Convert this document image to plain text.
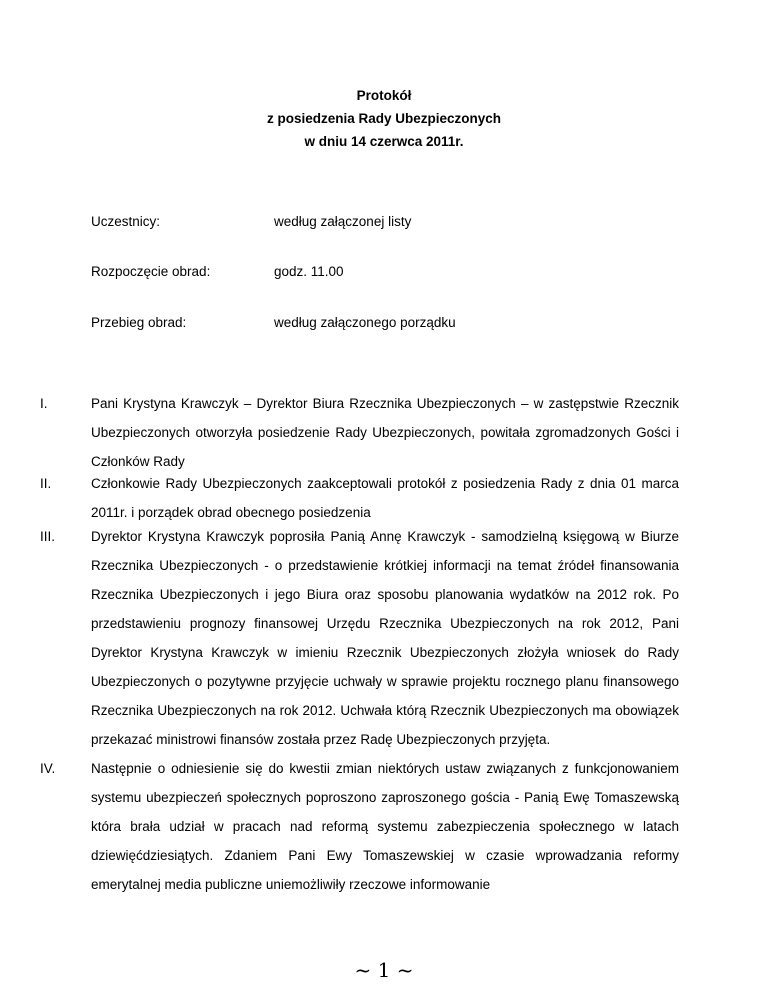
Protokół
z posiedzenia Rady Ubezpieczonych
w dniu 14 czerwca 2011r.
Uczestnicy:	według załączonej listy
Rozpoczęcie obrad:	godz. 11.00
Przebieg obrad:	według załączonego porządku
I.	Pani Krystyna Krawczyk – Dyrektor Biura Rzecznika Ubezpieczonych – w zastępstwie Rzecznik Ubezpieczonych otworzyła posiedzenie Rady Ubezpieczonych, powitała zgromadzonych Gości i Członków Rady

II.	Członkowie Rady Ubezpieczonych zaakceptowali protokół z posiedzenia Rady z dnia 01 marca 2011r. i porządek obrad obecnego posiedzenia

III.	Dyrektor Krystyna Krawczyk poprosiła Panią Annę Krawczyk - samodzielną księgową w Biurze Rzecznika Ubezpieczonych - o przedstawienie krótkiej informacji na temat źródeł finansowania Rzecznika Ubezpieczonych i jego Biura oraz sposobu planowania wydatków na 2012 rok. Po przedstawieniu prognozy finansowej Urzędu Rzecznika Ubezpieczonych na rok 2012, Pani Dyrektor Krystyna Krawczyk w imieniu Rzecznik Ubezpieczonych złożyła wniosek do Rady Ubezpieczonych o pozytywne przyjęcie uchwały w sprawie projektu rocznego planu finansowego Rzecznika Ubezpieczonych na rok 2012. Uchwała którą Rzecznik Ubezpieczonych ma obowiązek przekazać ministrowi finansów została przez Radę Ubezpieczonych przyjęta.

IV.	Następnie o odniesienie się do kwestii zmian niektórych ustaw związanych z funkcjonowaniem systemu ubezpieczeń społecznych poproszono zaproszonego gościa - Panią Ewę Tomaszewską która brała udział w pracach nad reformą systemu zabezpieczenia społecznego w latach dziewięćdziesiątych. Zdaniem Pani Ewy Tomaszewskiej w czasie wprowadzania reformy emerytalnej media publiczne uniemożliwiły rzeczowe informowanie

~ 1 ~
